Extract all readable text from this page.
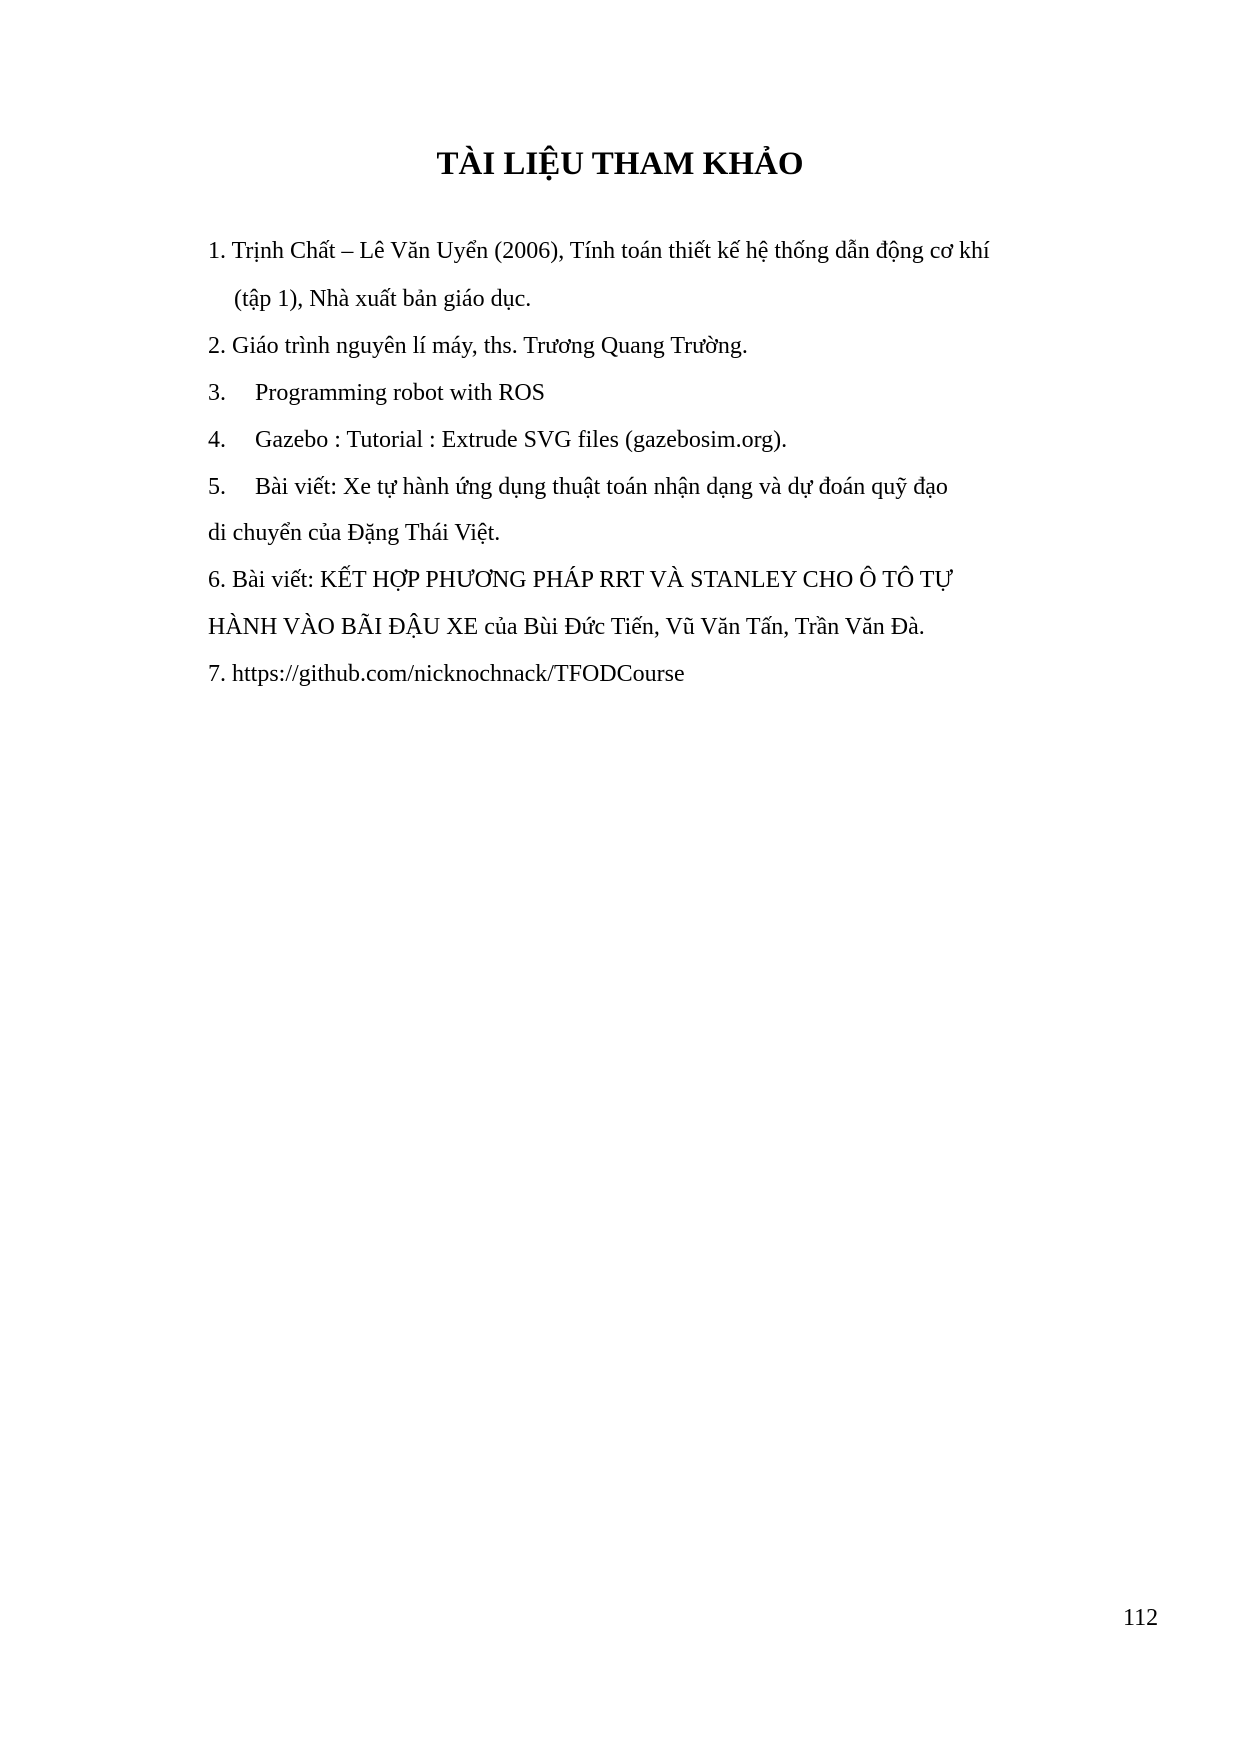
TÀI LIỆU THAM KHẢO
1. Trịnh Chất – Lê Văn Uyển (2006), Tính toán thiết kế hệ thống dẫn động cơ khí
(tập 1), Nhà xuất bản giáo dục.
2. Giáo trình nguyên lí máy, ths. Trương Quang Trường.
3. Programming robot with ROS
4. Gazebo : Tutorial : Extrude SVG files (gazebosim.org).
5. Bài viết: Xe tự hành ứng dụng thuật toán nhận dạng và dự đoán quỹ đạo
di chuyển của Đặng Thái Việt.
6. Bài viết: KẾT HỢP PHƯƠNG PHÁP RRT VÀ STANLEY CHO Ô TÔ TỰ
HÀNH VÀO BÃI ĐẬU XE của Bùi Đức Tiến, Vũ Văn Tấn, Trần Văn Đà.
7. https://github.com/nicknochnack/TFODCourse
112
